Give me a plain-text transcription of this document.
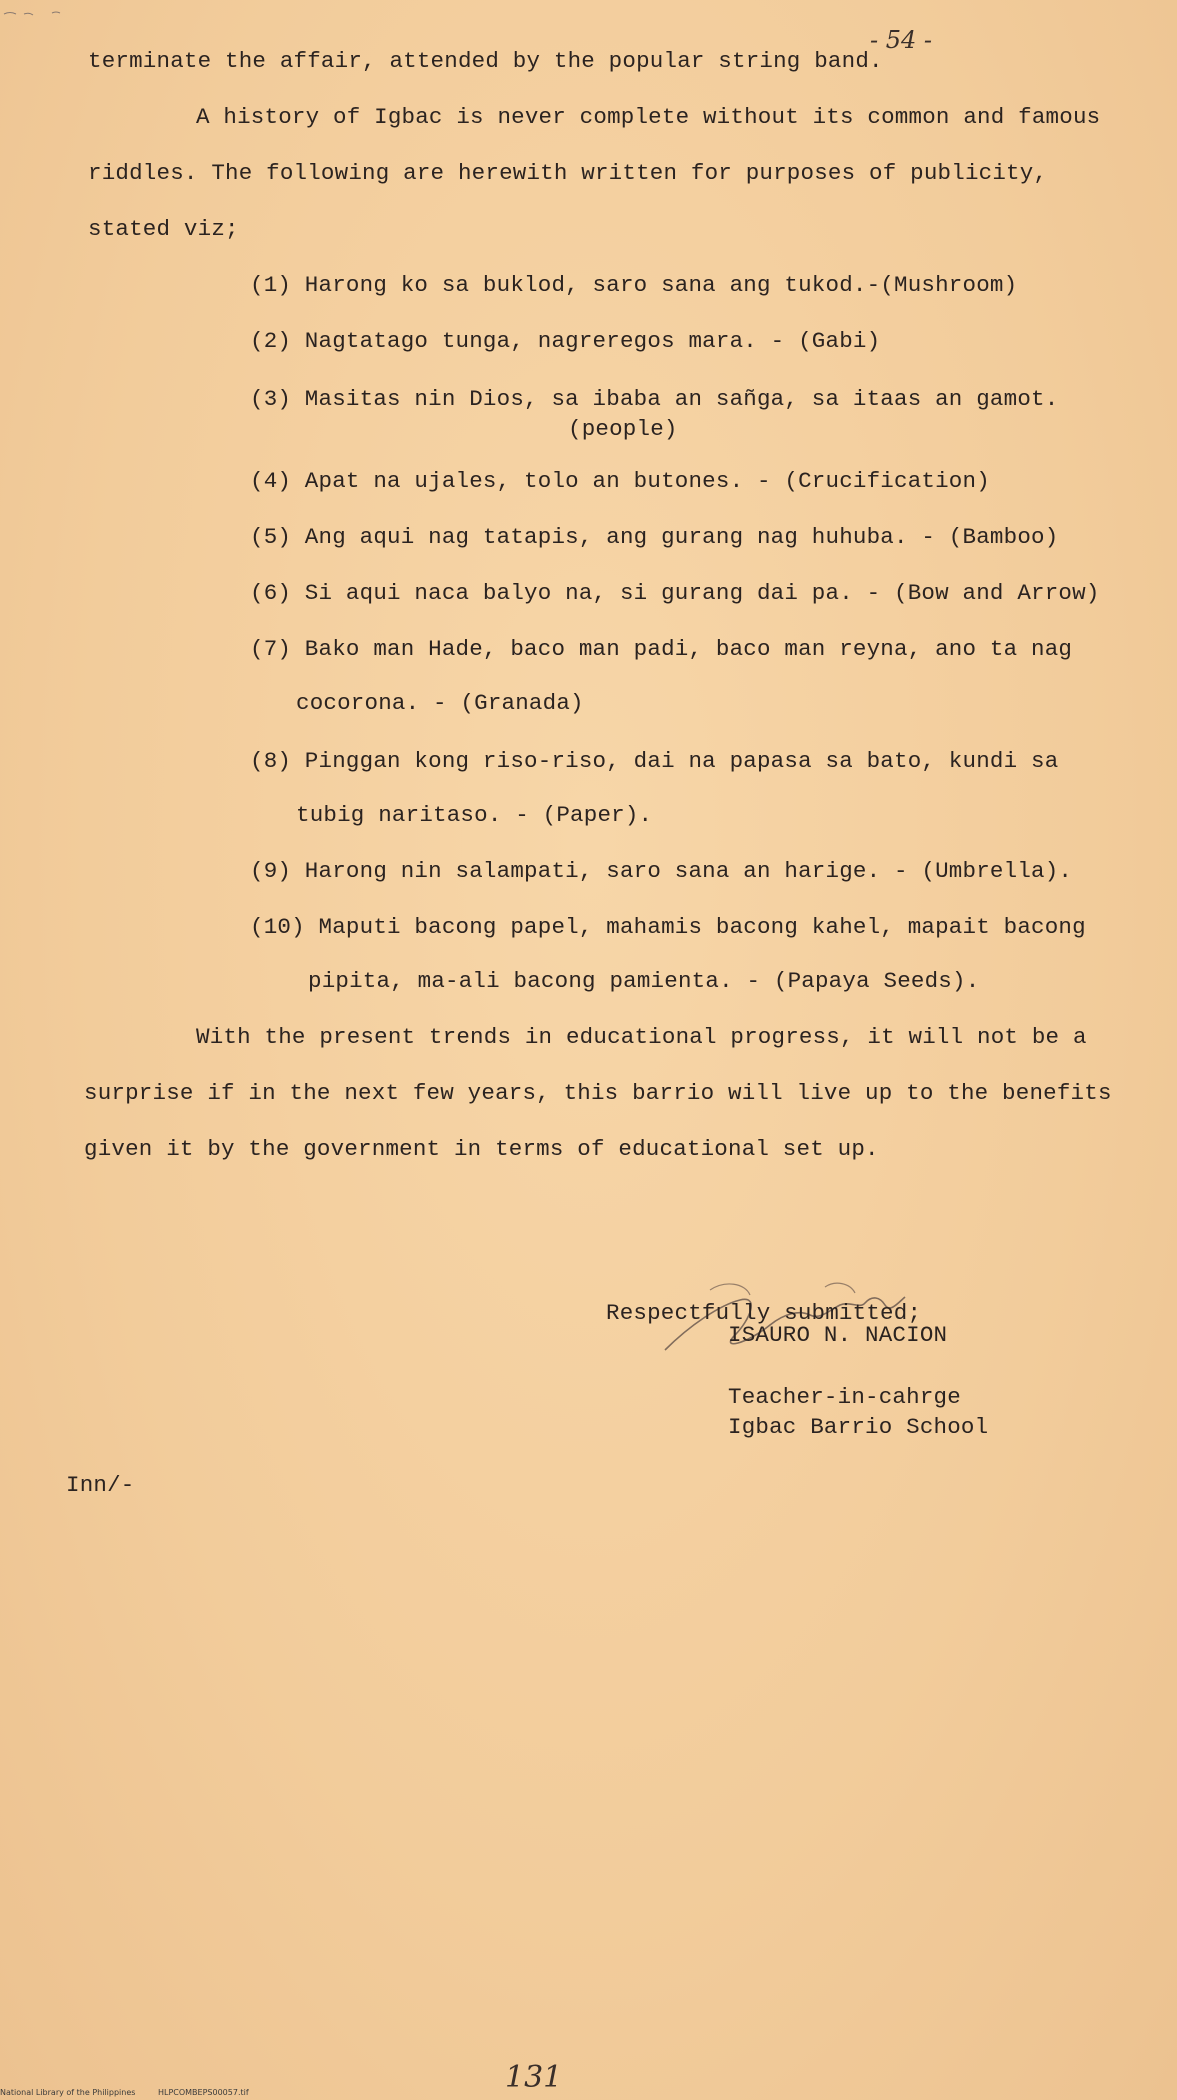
- 54 -
terminate the affair, attended by the popular string band.
A history of Igbac is never complete without its common and famous
riddles. The following are herewith written for purposes of publicity,
stated viz;
(1) Harong ko sa buklod, saro sana ang tukod.-(Mushroom)
(2) Nagtatago tunga, nagreregos mara. - (Gabi)
(3) Masitas nin Dios, sa ibaba an sañga, sa itaas an gamot.
(people)
(4) Apat na ujales, tolo an butones. - (Crucification)
(5) Ang aqui nag tatapis, ang gurang nag huhuba. - (Bamboo)
(6) Si aqui naca balyo na, si gurang dai pa. - (Bow and Arrow)
(7) Bako man Hade, baco man padi, baco man reyna, ano ta nag
cocorona. - (Granada)
(8) Pinggan kong riso-riso, dai na papasa sa bato, kundi sa
tubig naritaso. - (Paper).
(9) Harong nin salampati, saro sana an harige. - (Umbrella).
(10) Maputi bacong papel, mahamis bacong kahel, mapait bacong
pipita, ma-ali bacong pamienta. - (Papaya Seeds).
With the present trends in educational progress, it will not be a
surprise if in the next few years, this barrio will live up to the benefits
given it by the government in terms of educational set up.
Respectfully submitted;
ISAURO N. NACION
Teacher-in-cahrge
Igbac Barrio School
Inn/-
131
National Library of the Philippines	HLPCOMBEPS00057.tif
